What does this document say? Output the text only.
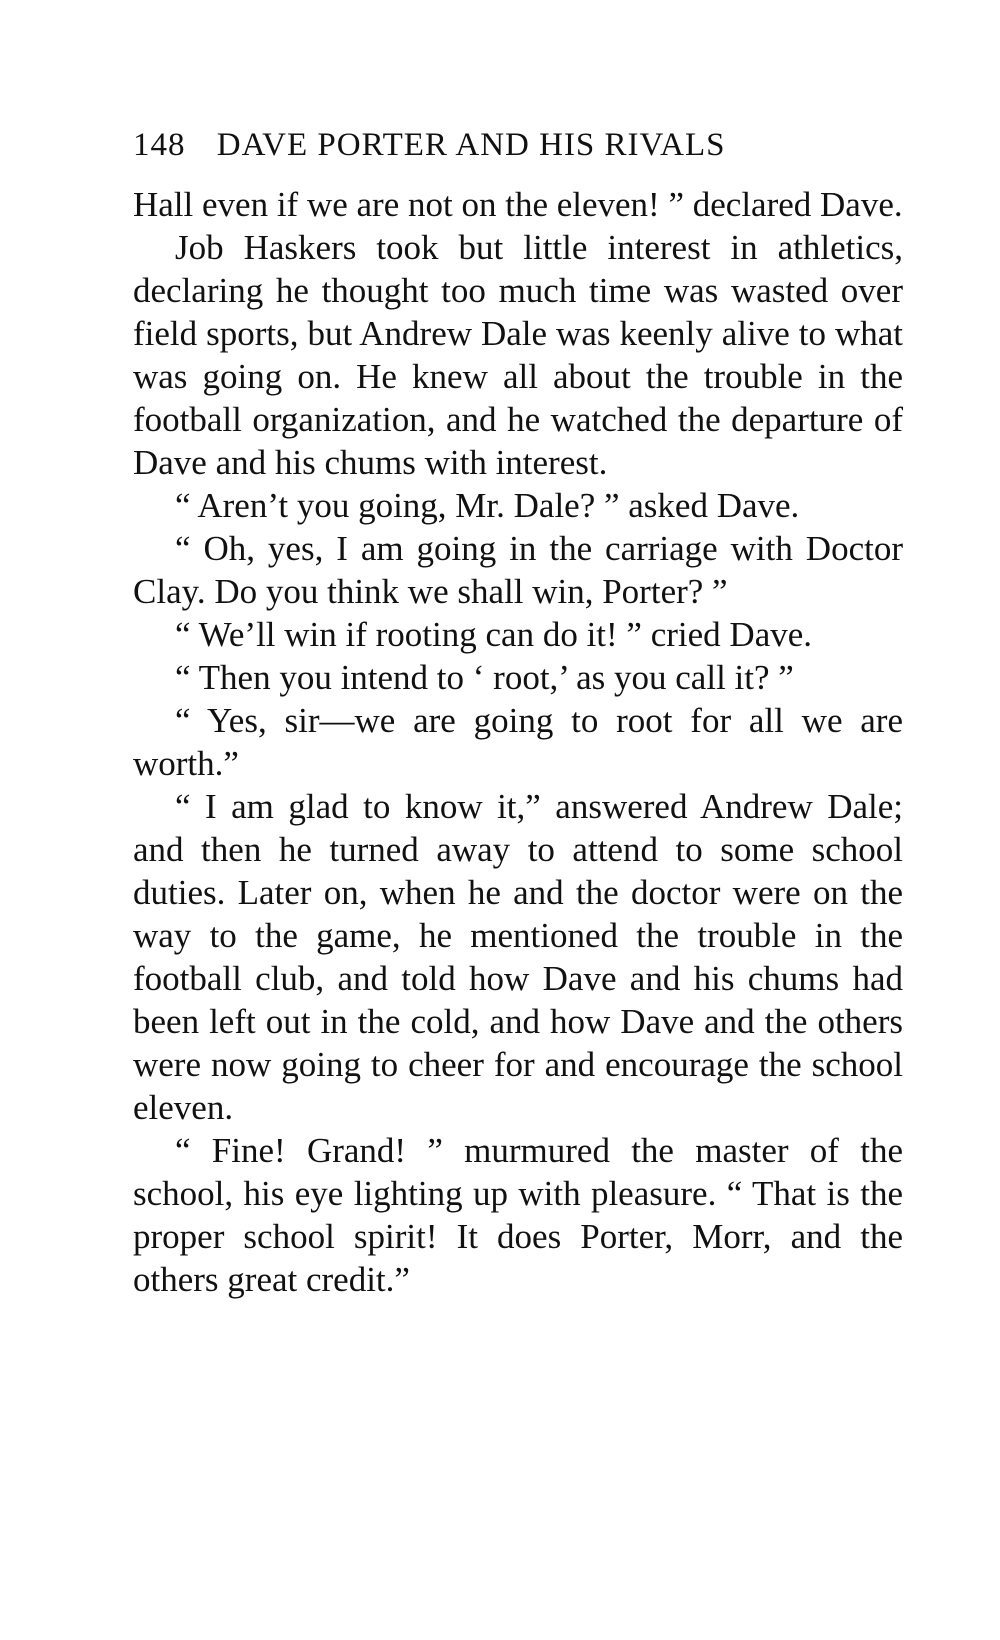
148 DAVE PORTER AND HIS RIVALS

Hall even if we are not on the eleven! ” declared Dave.

Job Haskers took but little interest in athletics, declaring he thought too much time was wasted over field sports, but Andrew Dale was keenly alive to what was going on. He knew all about the trouble in the football organization, and he watched the departure of Dave and his chums with interest.

“ Aren’t you going, Mr. Dale? ” asked Dave.

“ Oh, yes, I am going in the carriage with Doctor Clay. Do you think we shall win, Porter? ”

“ We’ll win if rooting can do it! ” cried Dave.

“ Then you intend to ‘ root,’ as you call it? ”

“ Yes, sir—we are going to root for all we are worth.”

“ I am glad to know it,” answered Andrew Dale; and then he turned away to attend to some school duties. Later on, when he and the doctor were on the way to the game, he mentioned the trouble in the football club, and told how Dave and his chums had been left out in the cold, and how Dave and the others were now going to cheer for and encourage the school eleven.

“ Fine! Grand! ” murmured the master of the school, his eye lighting up with pleasure. “ That is the proper school spirit! It does Porter, Morr, and the others great credit.”
